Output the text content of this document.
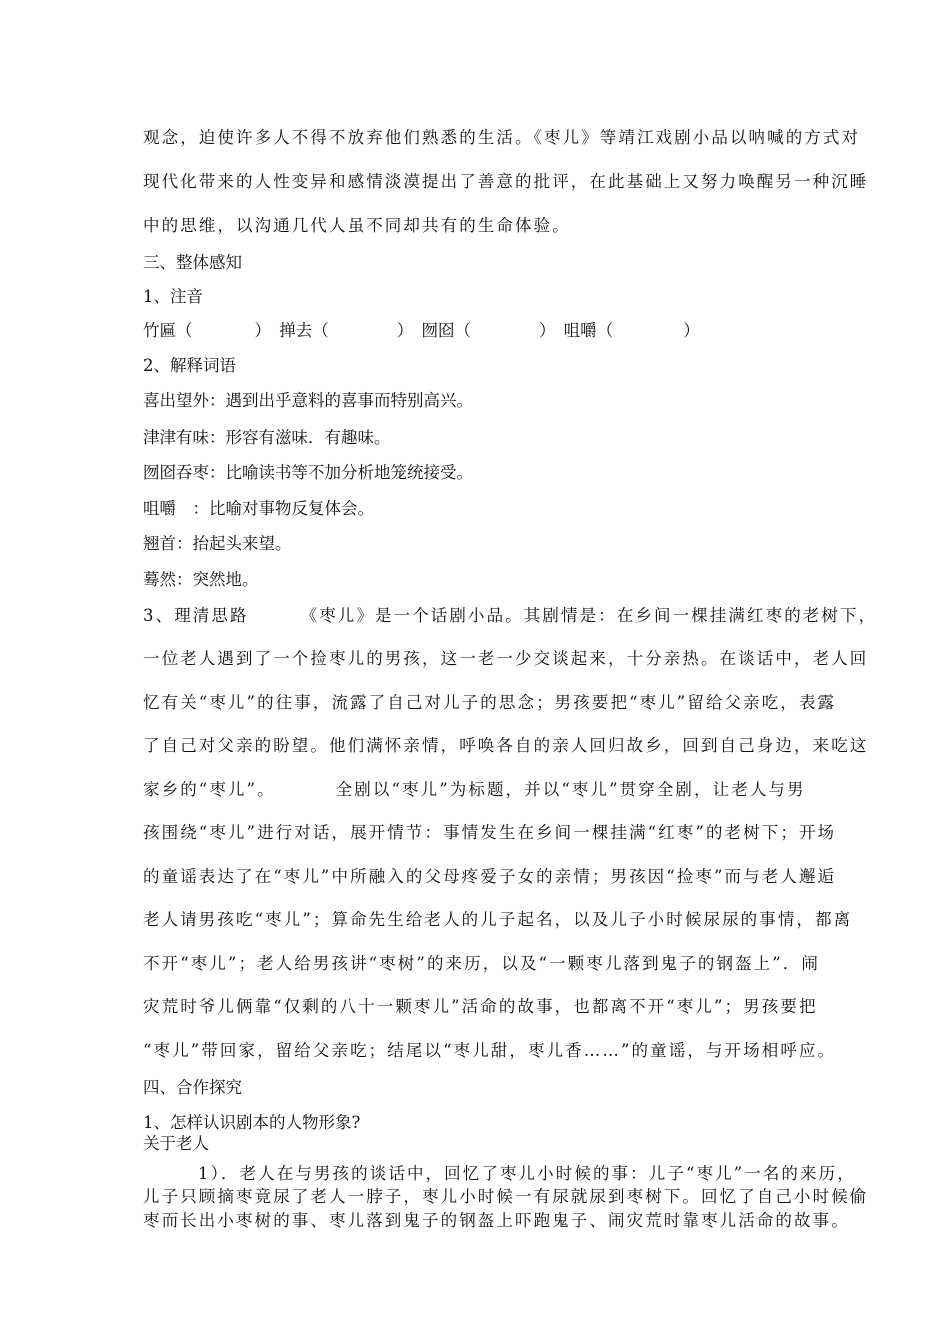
观念，迫使许多人不得不放弃他们熟悉的生活。《枣儿》等靖江戏剧小品以呐喊的方式对
现代化带来的人性变异和感情淡漠提出了善意的批评，在此基础上又努力唤醒另一种沉睡
中的思维，以沟通几代人虽不同却共有的生命体验。
三、整体感知
1、注音
竹匾（	）　掸去（	）　囫囵（	）　咀嚼（	）
2、解释词语
喜出望外：遇到出乎意料的喜事而特别高兴。
津津有味：形容有滋味．有趣味。
囫囵吞枣：比喻读书等不加分析地笼统接受。
咀嚼　：比喻对事物反复体会。
翘首：抬起头来望。
蓦然：突然地。
3、理清思路	《枣儿》是一个话剧小品。其剧情是：在乡间一棵挂满红枣的老树下，
一位老人遇到了一个捡枣儿的男孩，这一老一少交谈起来，十分亲热。在谈话中，老人回
忆有关“枣儿”的往事，流露了自己对儿子的思念；男孩要把“枣儿”留给父亲吃，表露
了自己对父亲的盼望。他们满怀亲情，呼唤各自的亲人回归故乡，回到自己身边，来吃这
家乡的“枣儿”。	全剧以“枣儿”为标题，并以“枣儿”贯穿全剧，让老人与男
孩围绕“枣儿”进行对话，展开情节：事情发生在乡间一棵挂满“红枣”的老树下；开场
的童谣表达了在“枣儿”中所融入的父母疼爱子女的亲情；男孩因“捡枣”而与老人邂逅
老人请男孩吃“枣儿”；算命先生给老人的儿子起名，以及儿子小时候尿尿的事情，都离
不开“枣儿”；老人给男孩讲“枣树”的来历，以及“一颗枣儿落到鬼子的钢盔上”．闹
灾荒时爷儿俩靠“仅剩的八十一颗枣儿”活命的故事，也都离不开“枣儿”；男孩要把
“枣儿”带回家，留给父亲吃；结尾以“枣儿甜，枣儿香……”的童谣，与开场相呼应。
四、合作探究
1、怎样认识剧本的人物形象?
关于老人
1）．老人在与男孩的谈话中，回忆了枣儿小时候的事：儿子“枣儿”一名的来历，
儿子只顾摘枣竟尿了老人一脖子，枣儿小时候一有尿就尿到枣树下。回忆了自己小时候偷
枣而长出小枣树的事、枣儿落到鬼子的钢盔上吓跑鬼子、闹灾荒时靠枣儿活命的故事。
